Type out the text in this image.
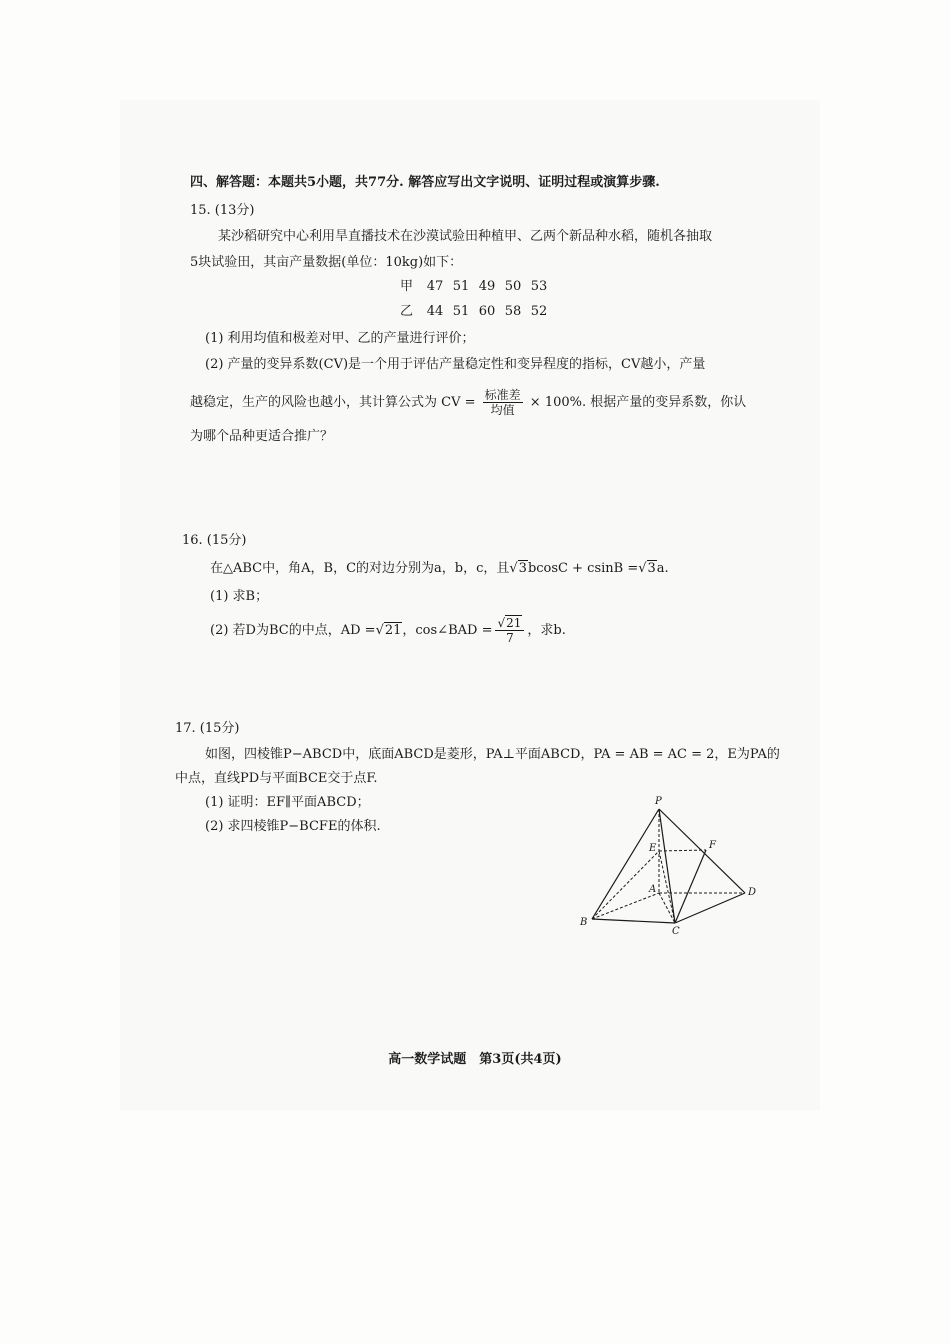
四、解答题：本题共5小题，共77分. 解答应写出文字说明、证明过程或演算步骤.
15. (13分)
某沙稻研究中心利用旱直播技术在沙漠试验田种植甲、乙两个新品种水稻，随机各抽取
5块试验田，其亩产量数据(单位：10kg)如下：
甲 47 51 49 50 53
乙 44 51 60 58 52
(1) 利用均值和极差对甲、乙的产量进行评价；
(2) 产量的变异系数(CV)是一个用于评估产量稳定性和变异程度的指标，CV越小，产量
越稳定，生产的风险也越小，其计算公式为 CV = $\frac{\text{标准差}}{\text{均值}} \times 100\%$. 根据产量的变异系数，你认
为哪个品种更适合推广？
16. (15分)
在△ABC中，角A，B，C的对边分别为a，b，c，且√3bcosC + csinB =√3a.
(1) 求B；
(2) 若D为BC的中点，AD =√21，cos∠BAD = $\frac{√21}{7}$ ，求b.
17. (15分)
如图，四棱锥P−ABCD中，底面ABCD是菱形，PA⊥平面ABCD，PA = AB = AC = 2，E为PA的
中点，直线PD与平面BCE交于点F.
(1) 证明：EF∥平面ABCD；
(2) 求四棱锥P−BCFE的体积.
P
E	F
A
B
C
D
高一数学试题　第3页(共4页)
